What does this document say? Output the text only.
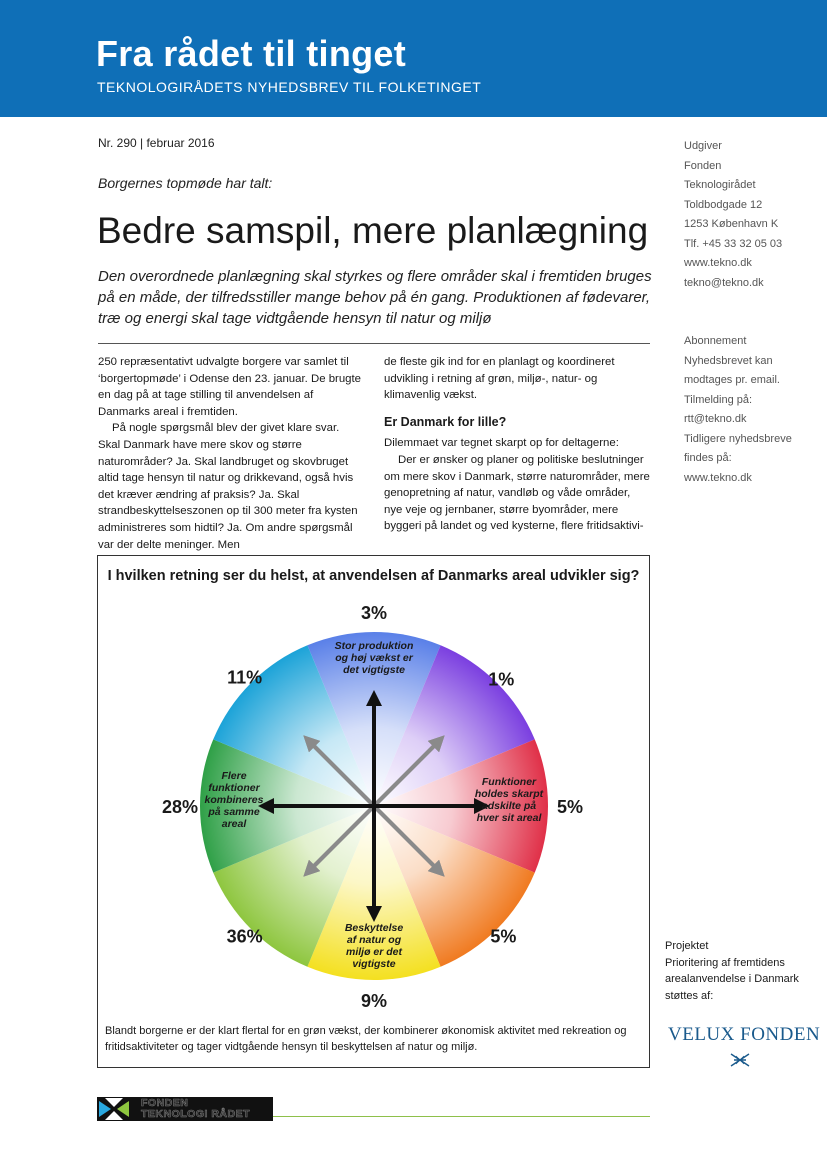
Fra rådet til tinget
TEKNOLOGIRÅDETS NYHEDSBREV TIL FOLKETINGET
Nr. 290 | februar 2016
Borgernes topmøde har talt:
Bedre samspil, mere planlægning

Den overordnede planlægning skal styrkes og flere områder skal i fremtiden bruges på en måde, der tilfredsstiller mange behov på én gang. Produktionen af fødevarer, træ og energi skal tage vidtgående hensyn til natur og miljø

250 repræsentativt udvalgte borgere var samlet til ‘borgertopmøde’ i Odense den 23. januar. De brugte en dag på at tage stilling til anvendelsen af Danmarks areal i fremtiden.

På nogle spørgsmål blev der givet klare svar. Skal Danmark have mere skov og større naturområder? Ja. Skal landbruget og skovbruget altid tage hensyn til natur og drikkevand, også hvis det kræver ændring af praksis? Ja. Skal strandbeskyttelseszonen op til 300 meter fra kysten administreres som hidtil? Ja. Om andre spørgsmål var der delte meninger. Men

de fleste gik ind for en planlagt og koordineret udvikling i retning af grøn, miljø-, natur- og klimavenlig vækst.

Er Danmark for lille?

Dilemmaet var tegnet skarpt op for deltagerne:

Der er ønsker og planer og politiske beslutninger om mere skov i Danmark, større naturområder, mere genopretning af natur, vandløb og våde områder, nye veje og jernbaner, større byområder, mere byggeri på landet og ved kysterne, flere fritidsaktivi-

Udgiver
Fonden
Teknologirådet
Toldbodgade 12
1253 København K
Tlf. +45 33 32 05 03
www.tekno.dk
tekno@tekno.dk
Abonnement
Nyhedsbrevet kan
modtages pr. email.
Tilmelding på:
rtt@tekno.dk
Tidligere nyhedsbreve
findes på:
www.tekno.dk
I hvilken retning ser du helst, at anvendelsen af Danmarks areal udvikler sig?
3%
1%
5%
5%
9%
36%
28%
11%
Stor produktion
og høj vækst er
det vigtigste
Beskyttelse
af natur og
miljø er det
vigtigste
Funktioner
holdes skarpt
adskilte på
hver sit areal
Flere
funktioner
kombineres
på samme
areal
Blandt borgerne er der klart flertal for en grøn vækst, der kombinerer økonomisk aktivitet med rekreation og fritidsaktiviteter og tager vidtgående hensyn til beskyttelsen af natur og miljø.
Projektet
Prioritering af fremtidens arealanvendelse i Danmark støttes af:
VELUX FONDEN
FONDEN
TEKNOLOGI RÅDET
